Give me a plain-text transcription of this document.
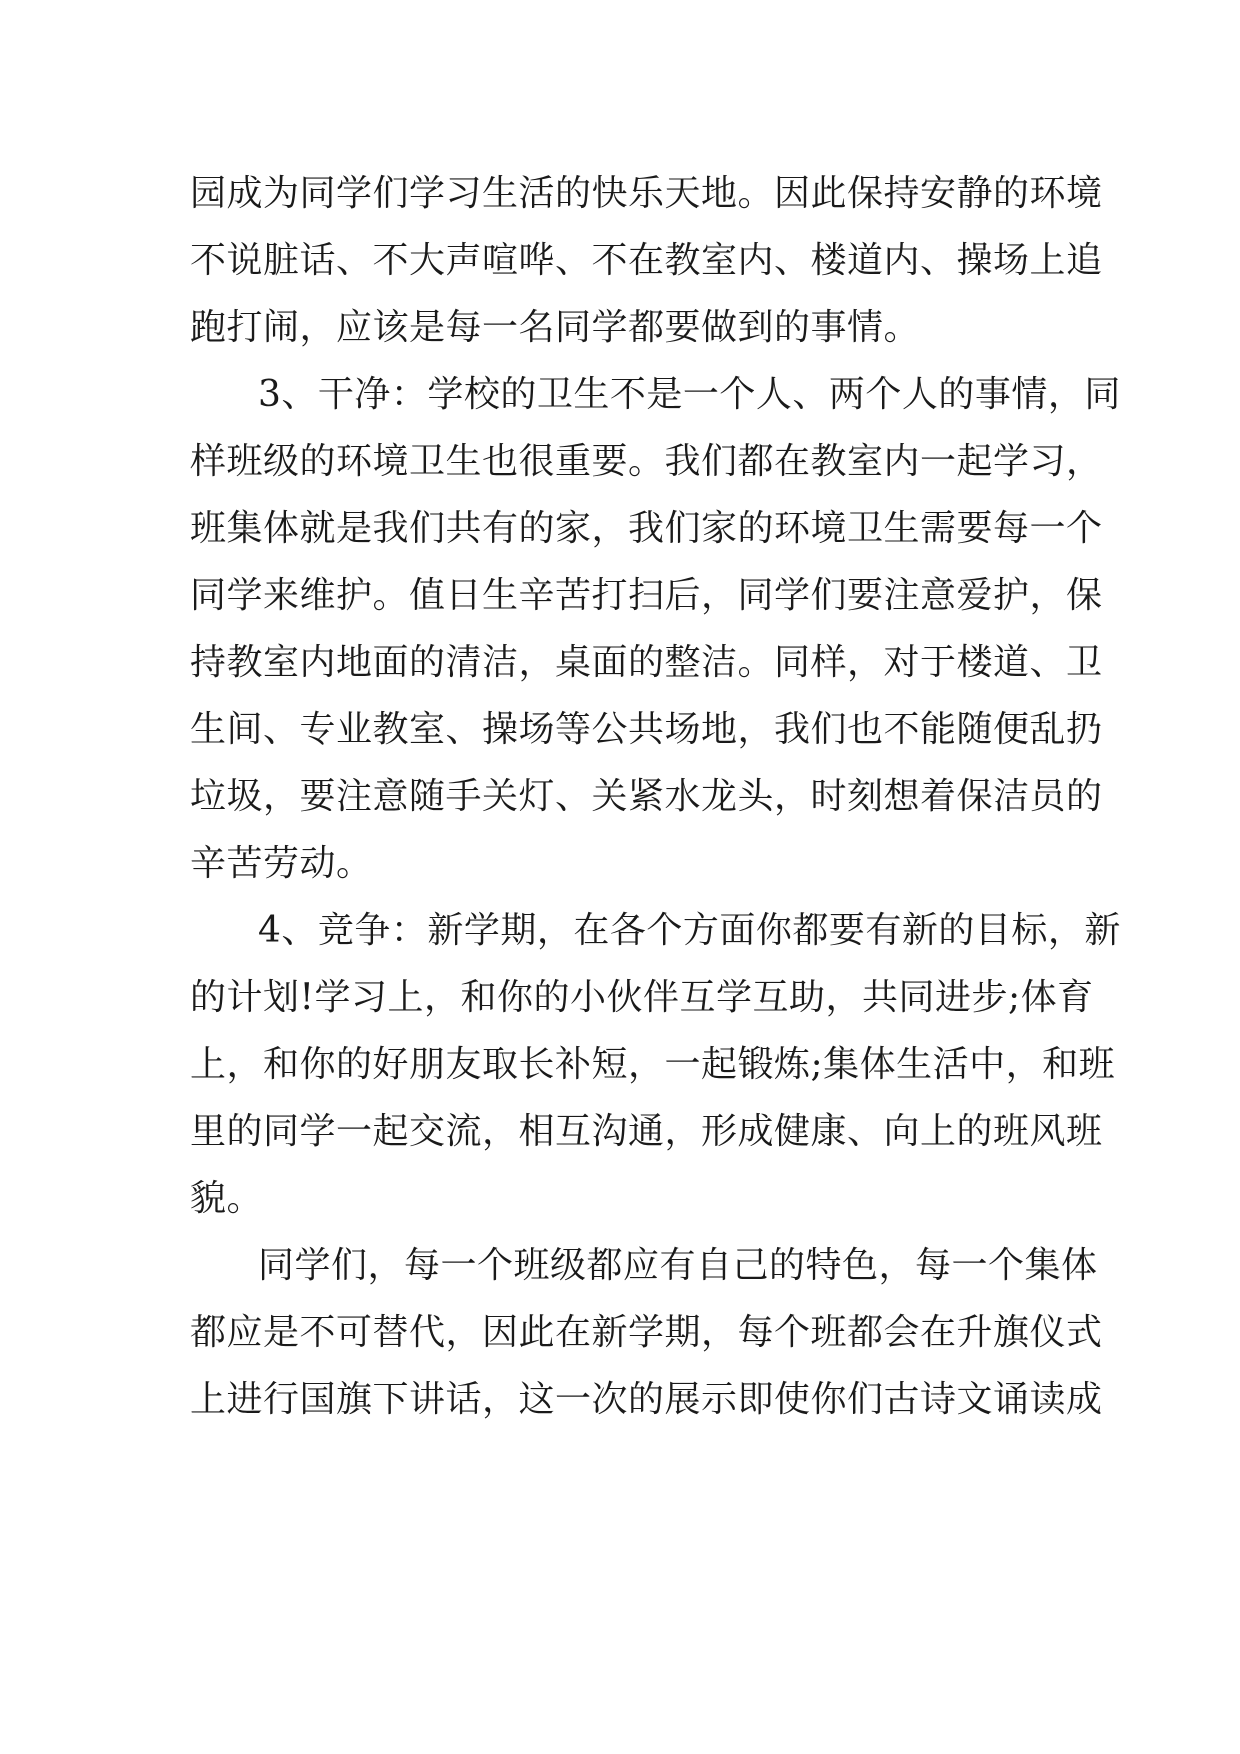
园成为同学们学习生活的快乐天地。因此保持安静的环境
不说脏话、不大声喧哗、不在教室内、楼道内、操场上追
跑打闹，应该是每一名同学都要做到的事情。
3、干净：学校的卫生不是一个人、两个人的事情，同
样班级的环境卫生也很重要。我们都在教室内一起学习，
班集体就是我们共有的家，我们家的环境卫生需要每一个
同学来维护。值日生辛苦打扫后，同学们要注意爱护，保
持教室内地面的清洁，桌面的整洁。同样，对于楼道、卫
生间、专业教室、操场等公共场地，我们也不能随便乱扔
垃圾，要注意随手关灯、关紧水龙头，时刻想着保洁员的
辛苦劳动。
4、竞争：新学期，在各个方面你都要有新的目标，新
的计划!学习上，和你的小伙伴互学互助，共同进步;体育
上，和你的好朋友取长补短，一起锻炼;集体生活中，和班
里的同学一起交流，相互沟通，形成健康、向上的班风班
貌。
同学们，每一个班级都应有自己的特色，每一个集体
都应是不可替代，因此在新学期，每个班都会在升旗仪式
上进行国旗下讲话，这一次的展示即使你们古诗文诵读成
